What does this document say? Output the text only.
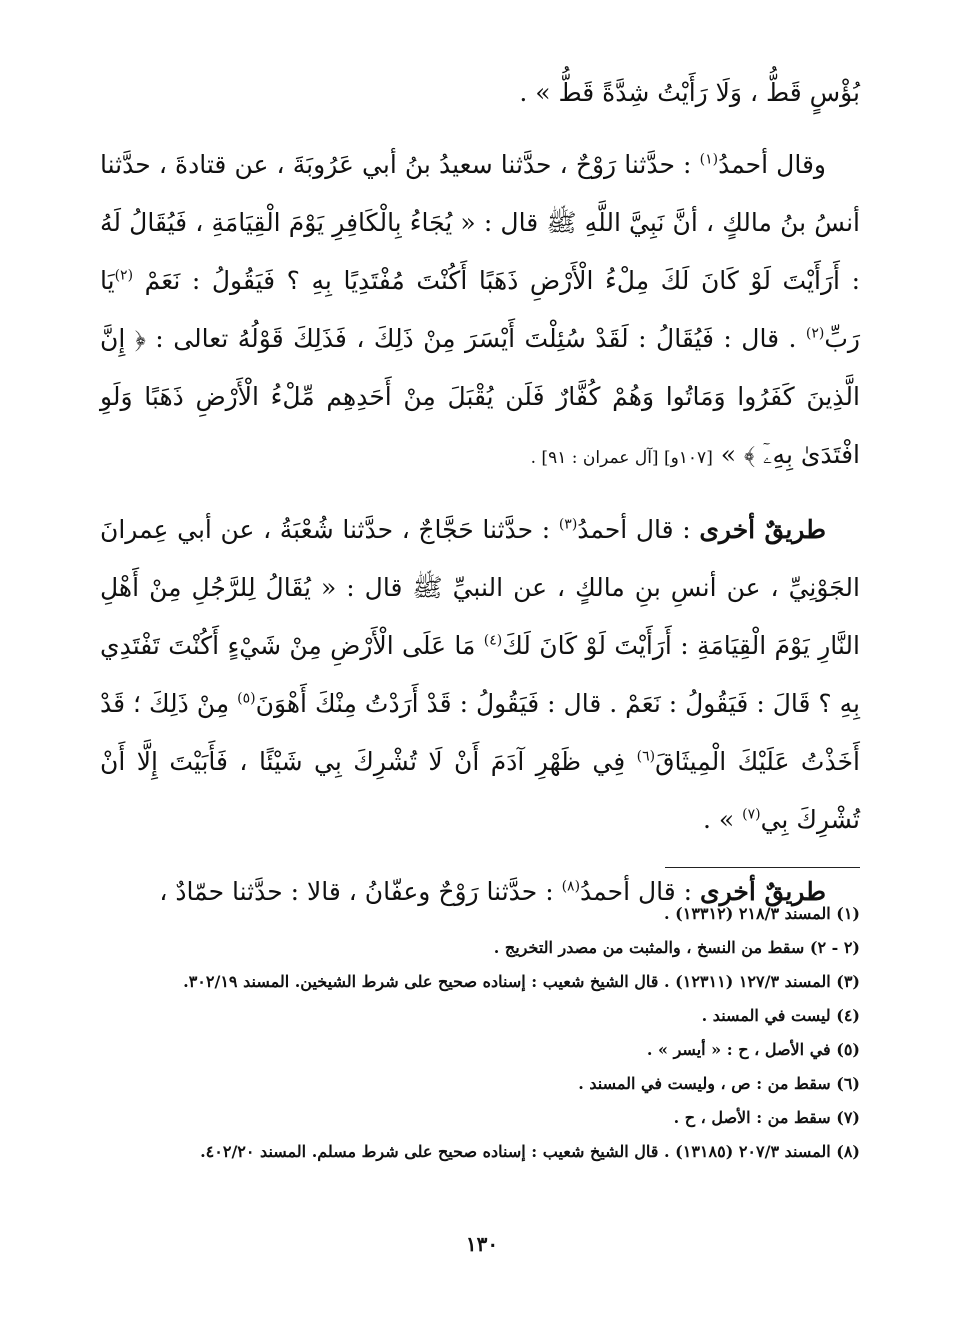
بُؤْسٍ قَطُّ ، وَلَا رَأَيْتُ شِدَّةً قَطُّ » .

وقال أحمدُ$^{(١)}$ : حدَّثنا رَوْحٌ ، حدَّثنا سعيدُ بنُ أبي عَرُوبَةَ ، عن قتادةَ ، حدَّثنا أنسُ بنُ مالكٍ ، أنَّ نَبِيَّ اللَّهِ ﷺ قال : « يُجَاءُ بِالْكَافِرِ يَوْمَ الْقِيَامَةِ ، فَيُقَالُ لَهُ : أَرَأَيْتَ لَوْ كَانَ لَكَ مِلْءُ الْأَرْضِ ذَهَبًا أَكُنْتَ مُفْتَدِيًا بِهِ ؟ فَيَقُولُ : نَعَمْ $^{(٢)}$يَا رَبِّ$^{(٢)}$ . قال : فَيُقَالُ : لَقَدْ سُئِلْتَ أَيْسَرَ مِنْ ذَلِكَ ، فَذَلِكَ قَوْلُهُ تعالى : ﴿ إِنَّ الَّذِينَ كَفَرُوا وَمَاتُوا وَهُمْ كُفَّارٌ فَلَن يُقْبَلَ مِنْ أَحَدِهِم مِّلْءُ الْأَرْضِ ذَهَبًا وَلَوِ افْتَدَىٰ بِهِۦٓ ﴾ » [١٠٧و] [آل عمران : ٩١] .

طريقٌ أخرى : قال أحمدُ$^{(٣)}$ : حدَّثنا حَجَّاجٌ ، حدَّثنا شُعْبَةُ ، عن أبي عِمرانَ الجَوْنِيِّ ، عن أنسِ بنِ مالكٍ ، عن النبيِّ ﷺ قال : « يُقَالُ لِلرَّجُلِ مِنْ أَهْلِ النَّارِ يَوْمَ الْقِيَامَةِ : أَرَأَيْتَ لَوْ كَانَ لَكَ$^{(٤)}$ مَا عَلَى الْأَرْضِ مِنْ شَيْءٍ أَكُنْتَ تَفْتَدِي بِهِ ؟ قَالَ : فَيَقُولُ : نَعَمْ . قال : فَيَقُولُ : قَدْ أَرَدْتُ مِنْكَ أَهْوَنَ$^{(٥)}$ مِنْ ذَلِكَ ؛ قَدْ أَخَذْتُ عَلَيْكَ الْمِيثَاقَ$^{(٦)}$ فِي ظَهْرِ آدَمَ أَنْ لَا تُشْرِكَ بِي شَيْئًا ، فَأَبَيْتَ إِلَّا أَنْ تُشْرِكَ بِي$^{(٧)}$ » .

طريقٌ أخرى : قال أحمدُ$^{(٨)}$ : حدَّثنا رَوْحٌ وعفّانُ ، قالا : حدَّثنا حمّادٌ ،

(١) المسند ٢١٨/٣ (١٣٣١٢) .
(٢ - ٢) سقط من النسخ ، والمثبت من مصدر التخريج .
(٣) المسند ١٢٧/٣ (١٢٣١١) . قال الشيخ شعيب : إسناده صحيح على شرط الشيخين. المسند ٣٠٢/١٩.
(٤) ليست في المسند .
(٥) في الأصل ، ح : « أيسر » .
(٦) سقط من : ص ، وليست في المسند .
(٧) سقط من : الأصل ، ح .
(٨) المسند ٢٠٧/٣ (١٣١٨٥) . قال الشيخ شعيب : إسناده صحيح على شرط مسلم. المسند ٤٠٢/٢٠.
١٣٠
